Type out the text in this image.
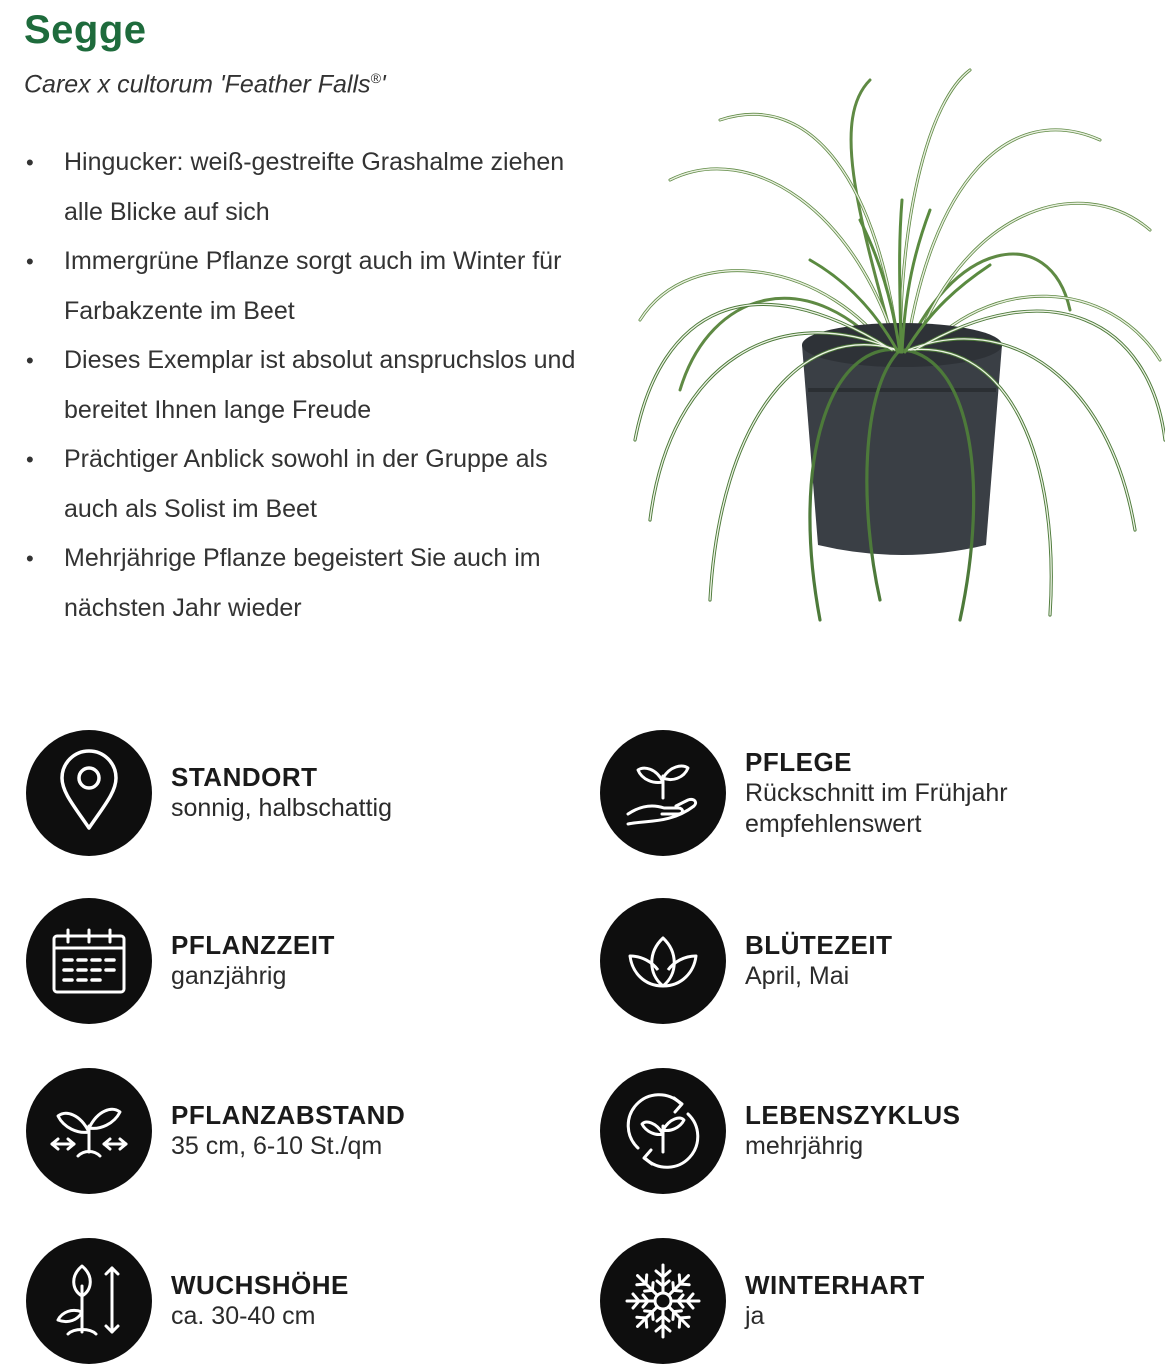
Segge

Carex x cultorum 'Feather Falls®'

• Hingucker: weiß-gestreifte Grashalme ziehen alle Blicke auf sich
• Immergrüne Pflanze sorgt auch im Winter für Farbakzente im Beet
• Dieses Exemplar ist absolut anspruchslos und bereitet Ihnen lange Freude
• Prächtiger Anblick sowohl in der Gruppe als auch als Solist im Beet
• Mehrjährige Pflanze begeistert Sie auch im nächsten Jahr wieder
STANDORT
sonnig, halbschattig
PFLEGE
Rückschnitt im Frühjahr
empfehlenswert
PFLANZZEIT
ganzjährig
BLÜTEZEIT
April, Mai
PFLANZABSTAND
35 cm, 6-10 St./qm
LEBENSZYKLUS
mehrjährig
WUCHSHÖHE
ca. 30-40 cm
WINTERHART
ja
